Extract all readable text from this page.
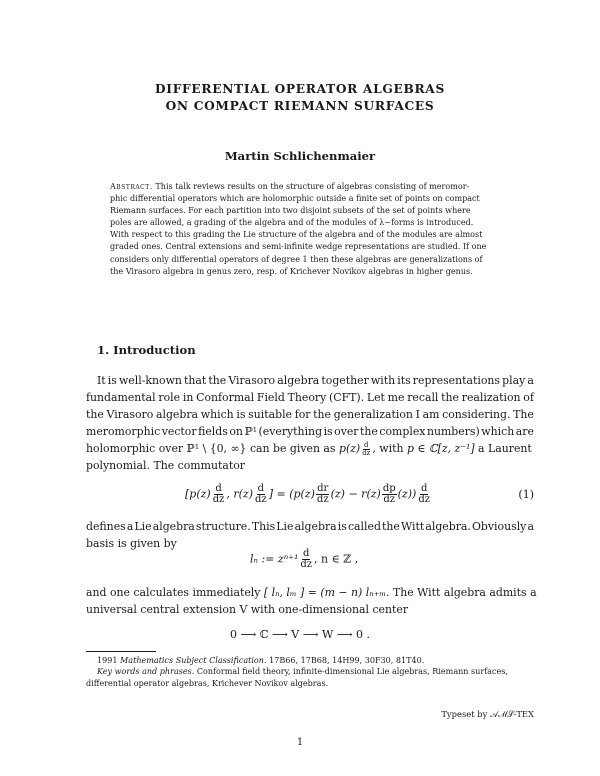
DIFFERENTIAL OPERATOR ALGEBRAS
ON COMPACT RIEMANN SURFACES
Martin Schlichenmaier
Abstract. This talk reviews results on the structure of algebras consisting of meromor-
phic differential operators which are holomorphic outside a finite set of points on compact
Riemann surfaces. For each partition into two disjoint subsets of the set of points where
poles are allowed, a grading of the algebra and of the modules of λ−forms is introduced.
With respect to this grading the Lie structure of the algebra and of the modules are almost
graded ones. Central extensions and semi-infinite wedge representations are studied. If one
considers only differential operators of degree 1 then these algebras are generalizations of
the Virasoro algebra in genus zero, resp. of Krichever Novikov algebras in higher genus.
1. Introduction
It is well-known that the Virasoro algebra together with its representations play a
fundamental role in Conformal Field Theory (CFT). Let me recall the realization of
the Virasoro algebra which is suitable for the generalization I am considering. The
meromorphic vector fields on ℙ¹ (everything is over the complex numbers) which are
holomorphic over ℙ¹ \ {0, ∞} can be given as $p(z) \frac{d}{dz}$ , with p ∈ ℂ[z, z⁻¹] a Laurent
polynomial. The commutator
[$p(z) \frac{d}{dz}$ , $r(z) \frac{d}{dz}$ ] = $(p(z) \frac{dr}{dz} (z) - r(z) \frac{dp}{dz} (z)) \frac{d}{dz}$	(1)
defines a Lie algebra structure. This Lie algebra is called the Witt algebra. Obviously a
basis is given by
lₙ := $z^{n+1} \frac{d}{dz}$ , n ∈ ℤ ,
and one calculates immediately [ lₙ, lₘ ] = (m − n) lₙ₊ₘ. The Witt algebra admits a
universal central extension V with one-dimensional center
0 ⟶ ℂ ⟶ V ⟶ W ⟶ 0 .
1991 Mathematics Subject Classification. 17B66, 17B68, 14H99, 30F30, 81T40.
Key words and phrases. Conformal field theory, infinite-dimensional Lie algebras, Riemann surfaces,
differential operator algebras, Krichever Novikov algebras.
Typeset by 𝒜ℳ𝒮-TEX
1
